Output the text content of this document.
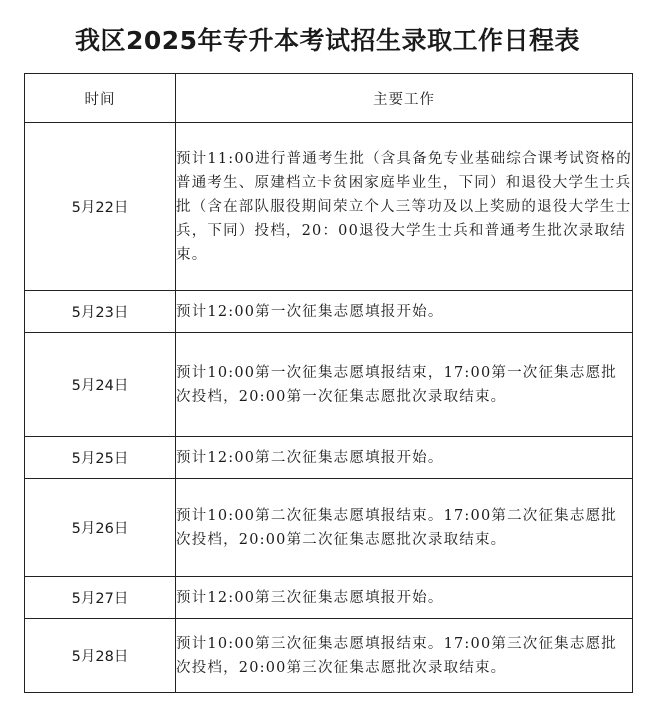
我区2025年专升本考试招生录取工作日程表
时间	主要工作
5月22日	预计11:00进行普通考生批（含具备免专业基础综合课考试资格的普通考生、原建档立卡贫困家庭毕业生，下同）和退役大学生士兵批（含在部队服役期间荣立个人三等功及以上奖励的退役大学生士兵，下同）投档，20：00退役大学生士兵和普通考生批次录取结束。
5月23日	预计12:00第一次征集志愿填报开始。
5月24日	预计10:00第一次征集志愿填报结束，17:00第一次征集志愿批次投档，20:00第一次征集志愿批次录取结束。
5月25日	预计12:00第二次征集志愿填报开始。
5月26日	预计10:00第二次征集志愿填报结束。17:00第二次征集志愿批次投档，20:00第二次征集志愿批次录取结束。
5月27日	预计12:00第三次征集志愿填报开始。
5月28日	预计10:00第三次征集志愿填报结束。17:00第三次征集志愿批次投档，20:00第三次征集志愿批次录取结束。
